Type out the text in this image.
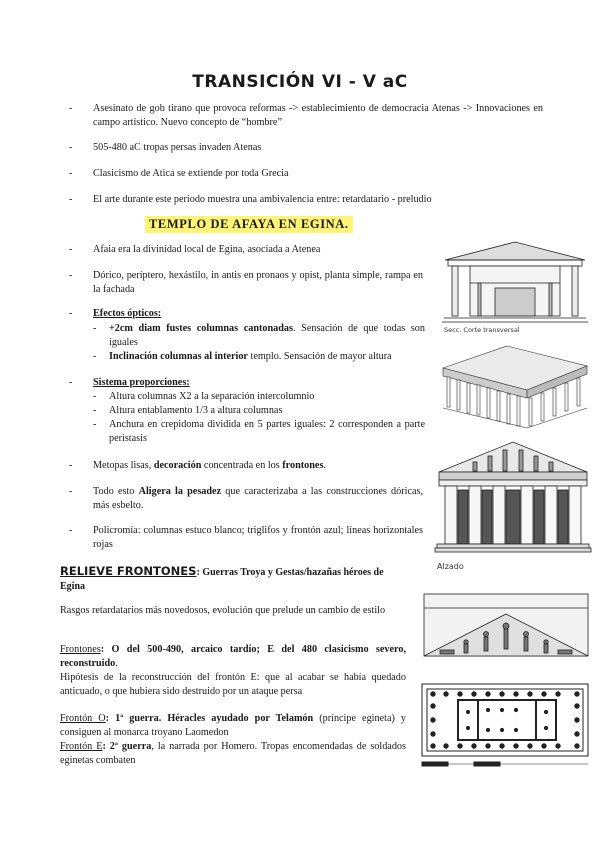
TRANSICIÓN VI - V aC
- Asesinato de gob tirano que provoca reformas -> establecimiento de democracia Atenas -> Innovaciones en campo artístico. Nuevo concepto de “hombre”
- 505-480 aC tropas persas invaden Atenas
- Clasicismo de Atica se extiende por toda Grecia
- El arte durante este periodo muestra una ambivalencia entre: retardatario - preludio
TEMPLO DE AFAYA EN EGINA.
- Afaia era la divinidad local de Egina, asociada a Atenea
- Dórico, períptero, hexástilo, in antis en pronaos y opist, planta simple, rampa en la fachada
- Efectos ópticos:
- +2cm diam fustes columnas cantonadas. Sensación de que todas son iguales
- Inclinación columnas al interior templo. Sensación de mayor altura
- Sistema proporciones:
- Altura columnas X2 a la separación intercolumnio
- Altura entablamento 1/3 a altura columnas
- Anchura en crepidoma dividida en 5 partes iguales: 2 corresponden a parte peristasis
- Metopas lisas, decoración concentrada en los frontones.
- Todo esto Aligera la pesadez que caracterizaba a las construcciones dóricas, más esbelto.
- Policromía: columnas estuco blanco; triglifos y frontón azul; líneas horizontales rojas
RELIEVE FRONTONES: Guerras Troya y Gestas/hazañas héroes de Egina
Rasgos retardatarios más novedosos, evolución que prelude un cambio de estilo
Frontones: O del 500-490, arcaico tardío; E del 480 clasicismo severo, reconstruido.
Hipótesis de la reconstrucción del frontón E: que al acabar se había quedado anticuado, o que hubiera sido destruido por un ataque persa
Frontón O: 1ª guerra. Héracles ayudado por Telamón (príncipe egineta) y consiguen al monarca troyano Laomedon
Frontón E: 2ª guerra, la narrada por Homero. Tropas encomendadas de soldados eginetas combaten
Secc. Corte transversal
Alzado
